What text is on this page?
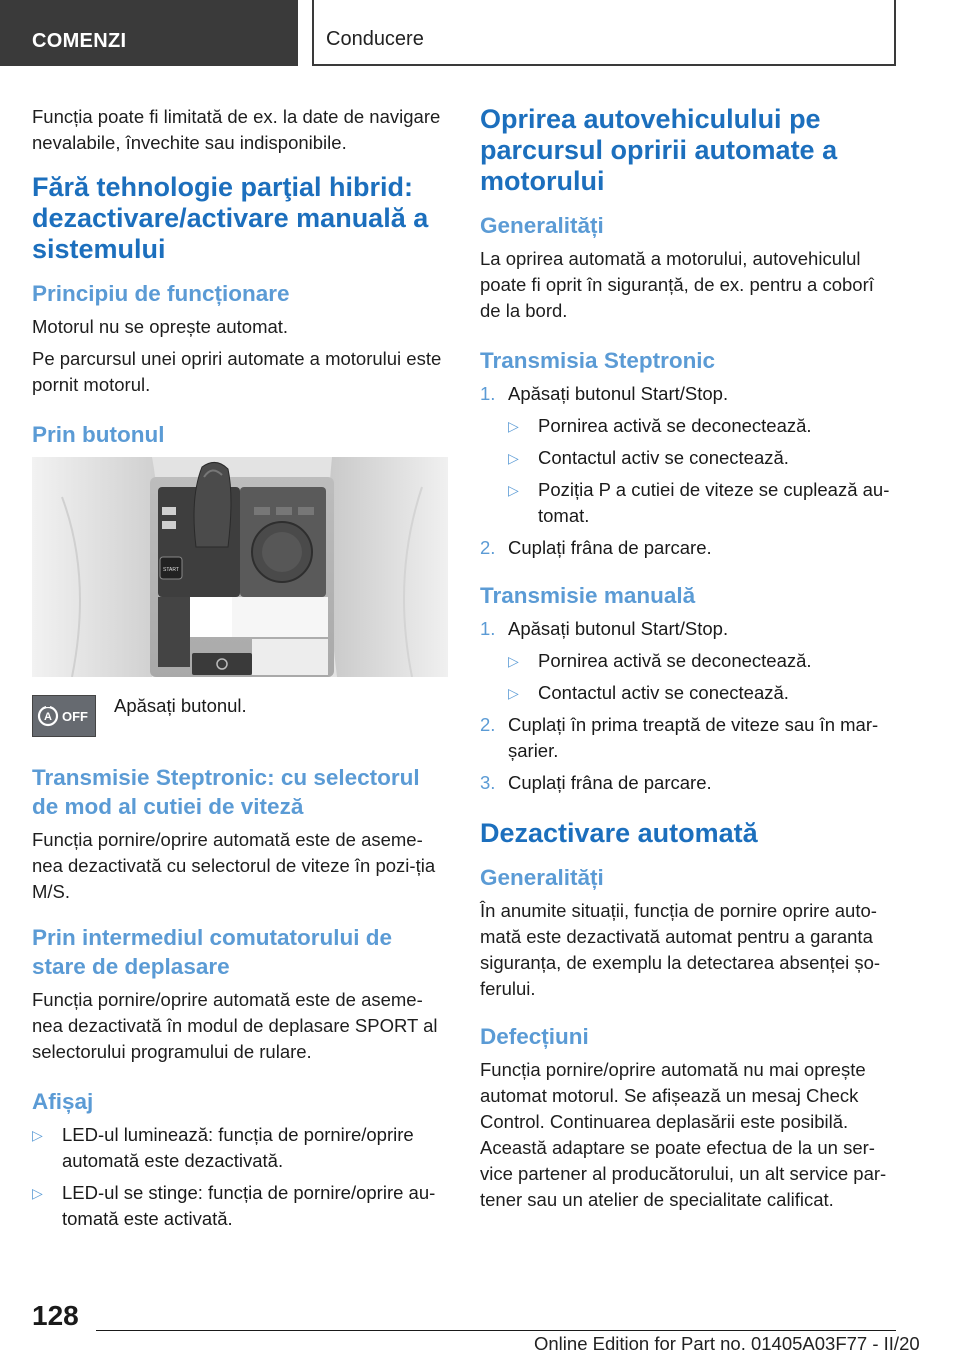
COMENZI	Conducere

Funcția poate fi limitată de ex. la date de navigare nevalabile, învechite sau indisponibile.

Fără tehnologie parţial hibrid: dezactivare/activare manuală a sistemului
Principiu de funcționare

Motorul nu se oprește automat.

Pe parcursul unei opriri automate a motorului este pornit motorul.

Prin butonul
START
A OFF

Apăsați butonul.

Transmisie Steptronic: cu selectorul de mod al cutiei de viteză

Funcția pornire/oprire automată este de aseme-nea dezactivată cu selectorul de viteze în pozi-ția M/S.

Prin intermediul comutatorului de stare de deplasare

Funcția pornire/oprire automată este de aseme-nea dezactivată în modul de deplasare SPORT al selectorului programului de rulare.

Afișaj
▷ LED-ul luminează: funcția de pornire/oprire automată este dezactivată.
▷ LED-ul se stinge: funcția de pornire/oprire au-tomată este activată.
Oprirea autovehiculului pe parcursul opririi automate a motorului
Generalități

La oprirea automată a motorului, autovehiculul poate fi oprit în siguranță, de ex. pentru a coborî de la bord.

Transmisia Steptronic
1. Apăsați butonul Start/Stop.
▷ Pornirea activă se deconectează.
▷ Contactul activ se conectează.
▷ Poziția P a cutiei de viteze se cuplează au-tomat.
2. Cuplați frâna de parcare.
Transmisie manuală
1. Apăsați butonul Start/Stop.
▷ Pornirea activă se deconectează.
▷ Contactul activ se conectează.
2. Cuplați în prima treaptă de viteze sau în mar-șarier.
3. Cuplați frâna de parcare.
Dezactivare automată
Generalități

În anumite situații, funcția de pornire oprire auto-mată este dezactivată automat pentru a garanta siguranța, de exemplu la detectarea absenței șo-ferului.

Defecțiuni

Funcția pornire/oprire automată nu mai oprește automat motorul. Se afișează un mesaj Check Control. Continuarea deplasării este posibilă. Această adaptare se poate efectua de la un ser-vice partener al producătorului, un alt service par-tener sau un atelier de specialitate calificat.

128
Online Edition for Part no. 01405A03F77 - II/20
